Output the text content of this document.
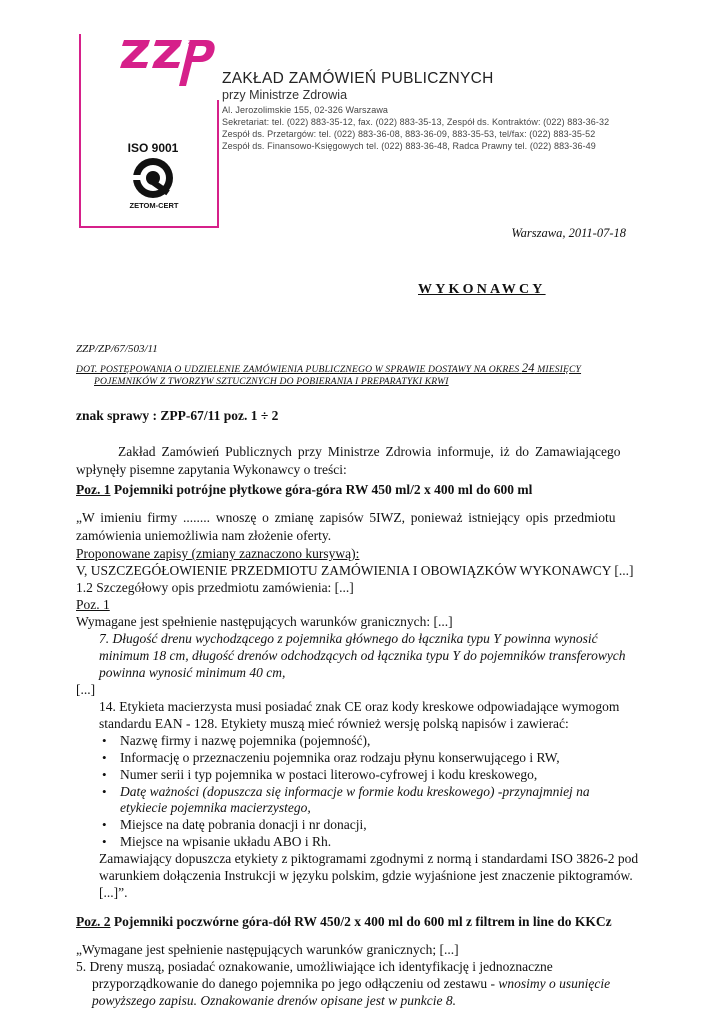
ZZP
ZAKŁAD ZAMÓWIEŃ PUBLICZNYCH
przy Ministrze Zdrowia
Al. Jerozolimskie 155, 02-326 Warszawa
Sekretariat: tel. (022) 883-35-12, fax. (022) 883-35-13, Zespół ds. Kontraktów: (022) 883-36-32
Zespół ds. Przetargów: tel. (022) 883-36-08, 883-36-09, 883-35-53, tel/fax: (022) 883-35-52
Zespół ds. Finansowo-Księgowych tel. (022) 883-36-48, Radca Prawny tel. (022) 883-36-49
ISO 9001
ZETOM-CERT
Warszawa, 2011-07-18
WYKONAWCY
ZZP/ZP/67/503/11
DOT. POSTĘPOWANIA O UDZIELENIE ZAMÓWIENIA PUBLICZNEGO W SPRAWIE DOSTAWY NA OKRES 24 MIESIĘCY
POJEMNIKÓW Z TWORZYW SZTUCZNYCH DO POBIERANIA I PREPARATYKI KRWI
znak sprawy : ZPP-67/11 poz. 1 ÷ 2
Zakład Zamówień Publicznych przy Ministrze Zdrowia informuje, iż do Zamawiającego
wpłynęły pisemne zapytania Wykonawcy o treści:
Poz. 1 Pojemniki potrójne płytkowe góra-góra RW 450 ml/2 x 400 ml do 600 ml
„W imieniu firmy ........ wnoszę o zmianę zapisów 5IWZ, ponieważ istniejący opis przedmiotu
zamówienia uniemożliwia nam złożenie oferty.
Proponowane zapisy (zmiany zaznaczono kursywą):
V, USZCZEGÓŁOWIENIE PRZEDMIOTU ZAMÓWIENIA I OBOWIĄZKÓW WYKONAWCY [...]
1.2 Szczegółowy opis przedmiotu zamówienia: [...]
Poz. 1
Wymagane jest spełnienie następujących warunków granicznych: [...]
7. Długość drenu wychodzącego z pojemnika głównego do łącznika typu Y powinna wynosić
minimum 18 cm, długość drenów odchodzących od łącznika typu Y do pojemników transferowych
powinna wynosić minimum 40 cm,
[...]
14. Etykieta macierzysta musi posiadać znak CE oraz kody kreskowe odpowiadające wymogom
standardu EAN - 128. Etykiety muszą mieć również wersję polską napisów i zawierać:
• Nazwę firmy i nazwę pojemnika (pojemność),
• Informację o przeznaczeniu pojemnika oraz rodzaju płynu konserwującego i RW,
• Numer serii i typ pojemnika w postaci literowo-cyfrowej i kodu kreskowego,
• Datę ważności (dopuszcza się informacje w formie kodu kreskowego) -przynajmniej na
etykiecie pojemnika macierzystego,
• Miejsce na datę pobrania donacji i nr donacji,
• Miejsce na wpisanie układu ABO i Rh.
Zamawiający dopuszcza etykiety z piktogramami zgodnymi z normą i standardami ISO 3826-2 pod
warunkiem dołączenia Instrukcji w języku polskim, gdzie wyjaśnione jest znaczenie piktogramów.
[...]”.
Poz. 2 Pojemniki poczwórne góra-dół RW 450/2 x 400 ml do 600 ml z filtrem in line do KKCz
„Wymagane jest spełnienie następujących warunków granicznych; [...]
5. Dreny muszą, posiadać oznakowanie, umożliwiające ich identyfikację i jednoznaczne
przyporządkowanie do danego pojemnika po jego odłączeniu od zestawu - wnosimy o usunięcie
powyższego zapisu. Oznakowanie drenów opisane jest w punkcie 8.
